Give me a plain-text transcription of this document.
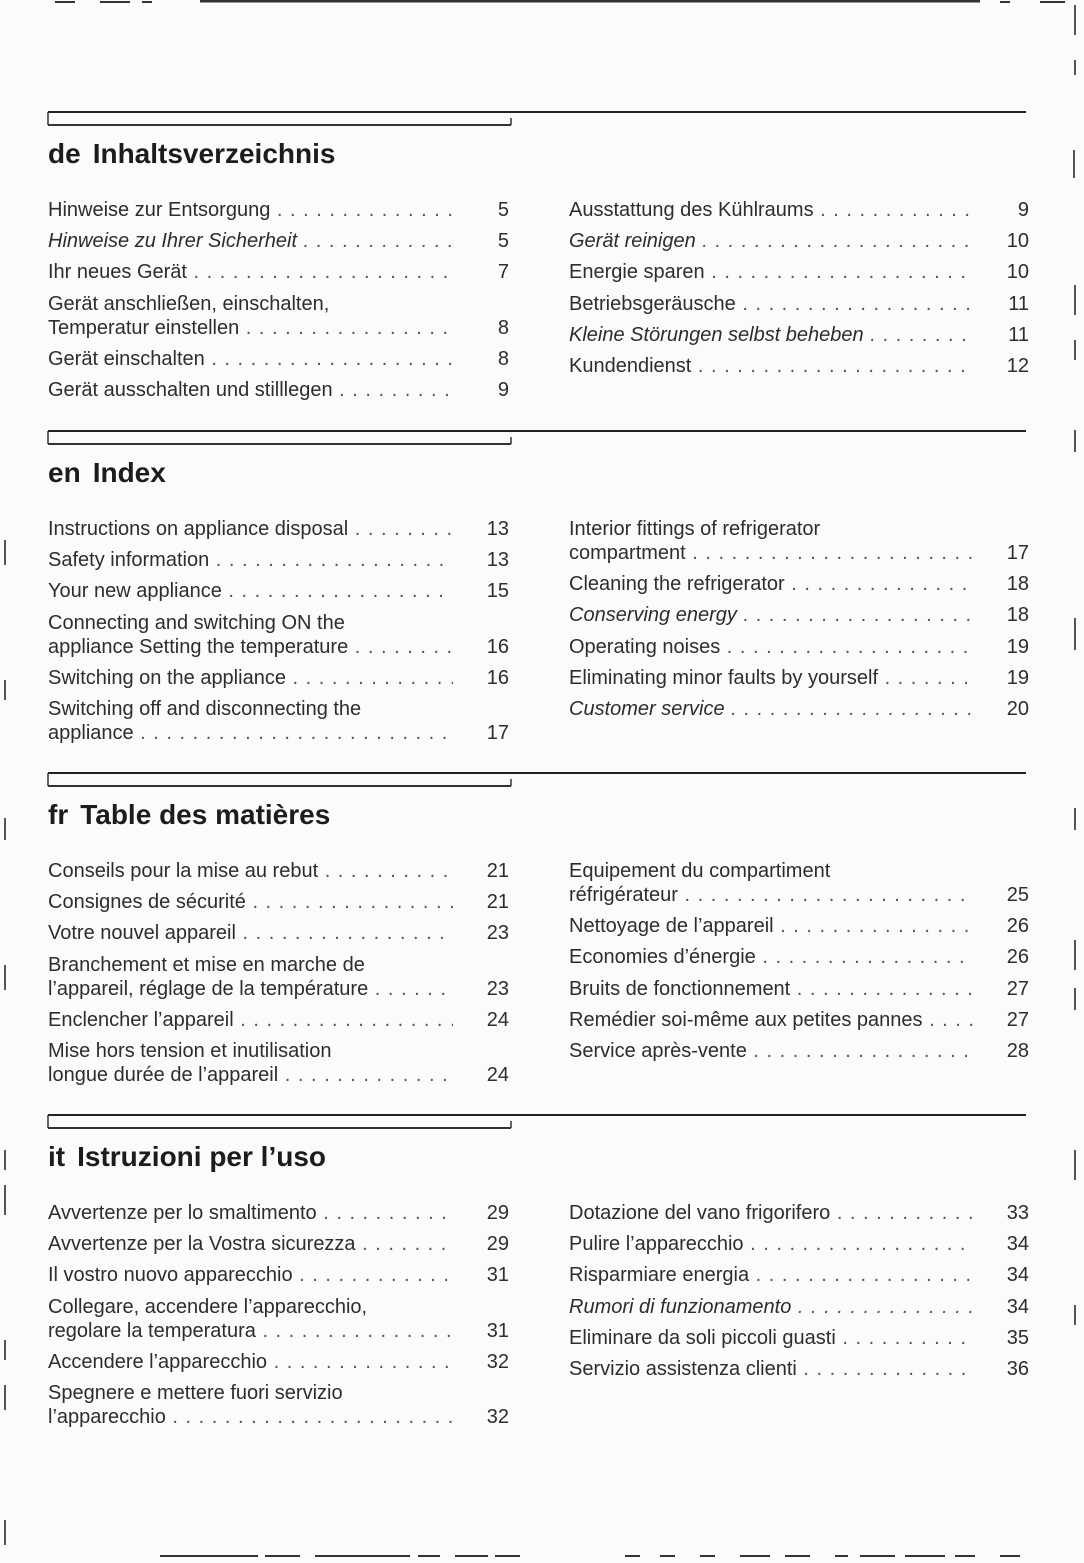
de Inhaltsverzeichnis
Hinweise zur Entsorgung . . .	5
Hinweise zu Ihrer Sicherheit . . .	5
Ihr neues Gerät . . .	7
Gerät anschließen, einschalten,
Temperatur einstellen . . .	8
Gerät einschalten . . .	8
Gerät ausschalten und stilllegen . . .	9
Ausstattung des Kühlraums . . .	9
Gerät reinigen . . .	10
Energie sparen . . .	10
Betriebsgeräusche . . .	11
Kleine Störungen selbst beheben . . .	11
Kundendienst . . .	12
en Index
Instructions on appliance disposal . . .	13
Safety information . . .	13
Your new appliance . . .	15
Connecting and switching ON the
appliance Setting the temperature . . .	16
Switching on the appliance . . .	16
Switching off and disconnecting the
appliance . . .	17
Interior fittings of refrigerator
compartment . . .	17
Cleaning the refrigerator . . .	18
Conserving energy . . .	18
Operating noises . . .	19
Eliminating minor faults by yourself . . .	19
Customer service . . .	20
fr Table des matières
Conseils pour la mise au rebut . . .	21
Consignes de sécurité . . .	21
Votre nouvel appareil . . .	23
Branchement et mise en marche de
l’appareil, réglage de la température . . .	23
Enclencher l’appareil . . .	24
Mise hors tension et inutilisation
longue durée de l’appareil . . .	24
Equipement du compartiment
réfrigérateur . . .	25
Nettoyage de l’appareil . . .	26
Economies d’énergie . . .	26
Bruits de fonctionnement . . .	27
Remédier soi-même aux petites pannes . . .	27
Service après-vente . . .	28
it Istruzioni per l’uso
Avvertenze per lo smaltimento . . .	29
Avvertenze per la Vostra sicurezza . . .	29
Il vostro nuovo apparecchio . . .	31
Collegare, accendere l’apparecchio,
regolare la temperatura . . .	31
Accendere l’apparecchio . . .	32
Spegnere e mettere fuori servizio
l’apparecchio . . .	32
Dotazione del vano frigorifero . . .	33
Pulire l’apparecchio . . .	34
Risparmiare energia . . .	34
Rumori di funzionamento . . .	34
Eliminare da soli piccoli guasti . . .	35
Servizio assistenza clienti . . .	36
